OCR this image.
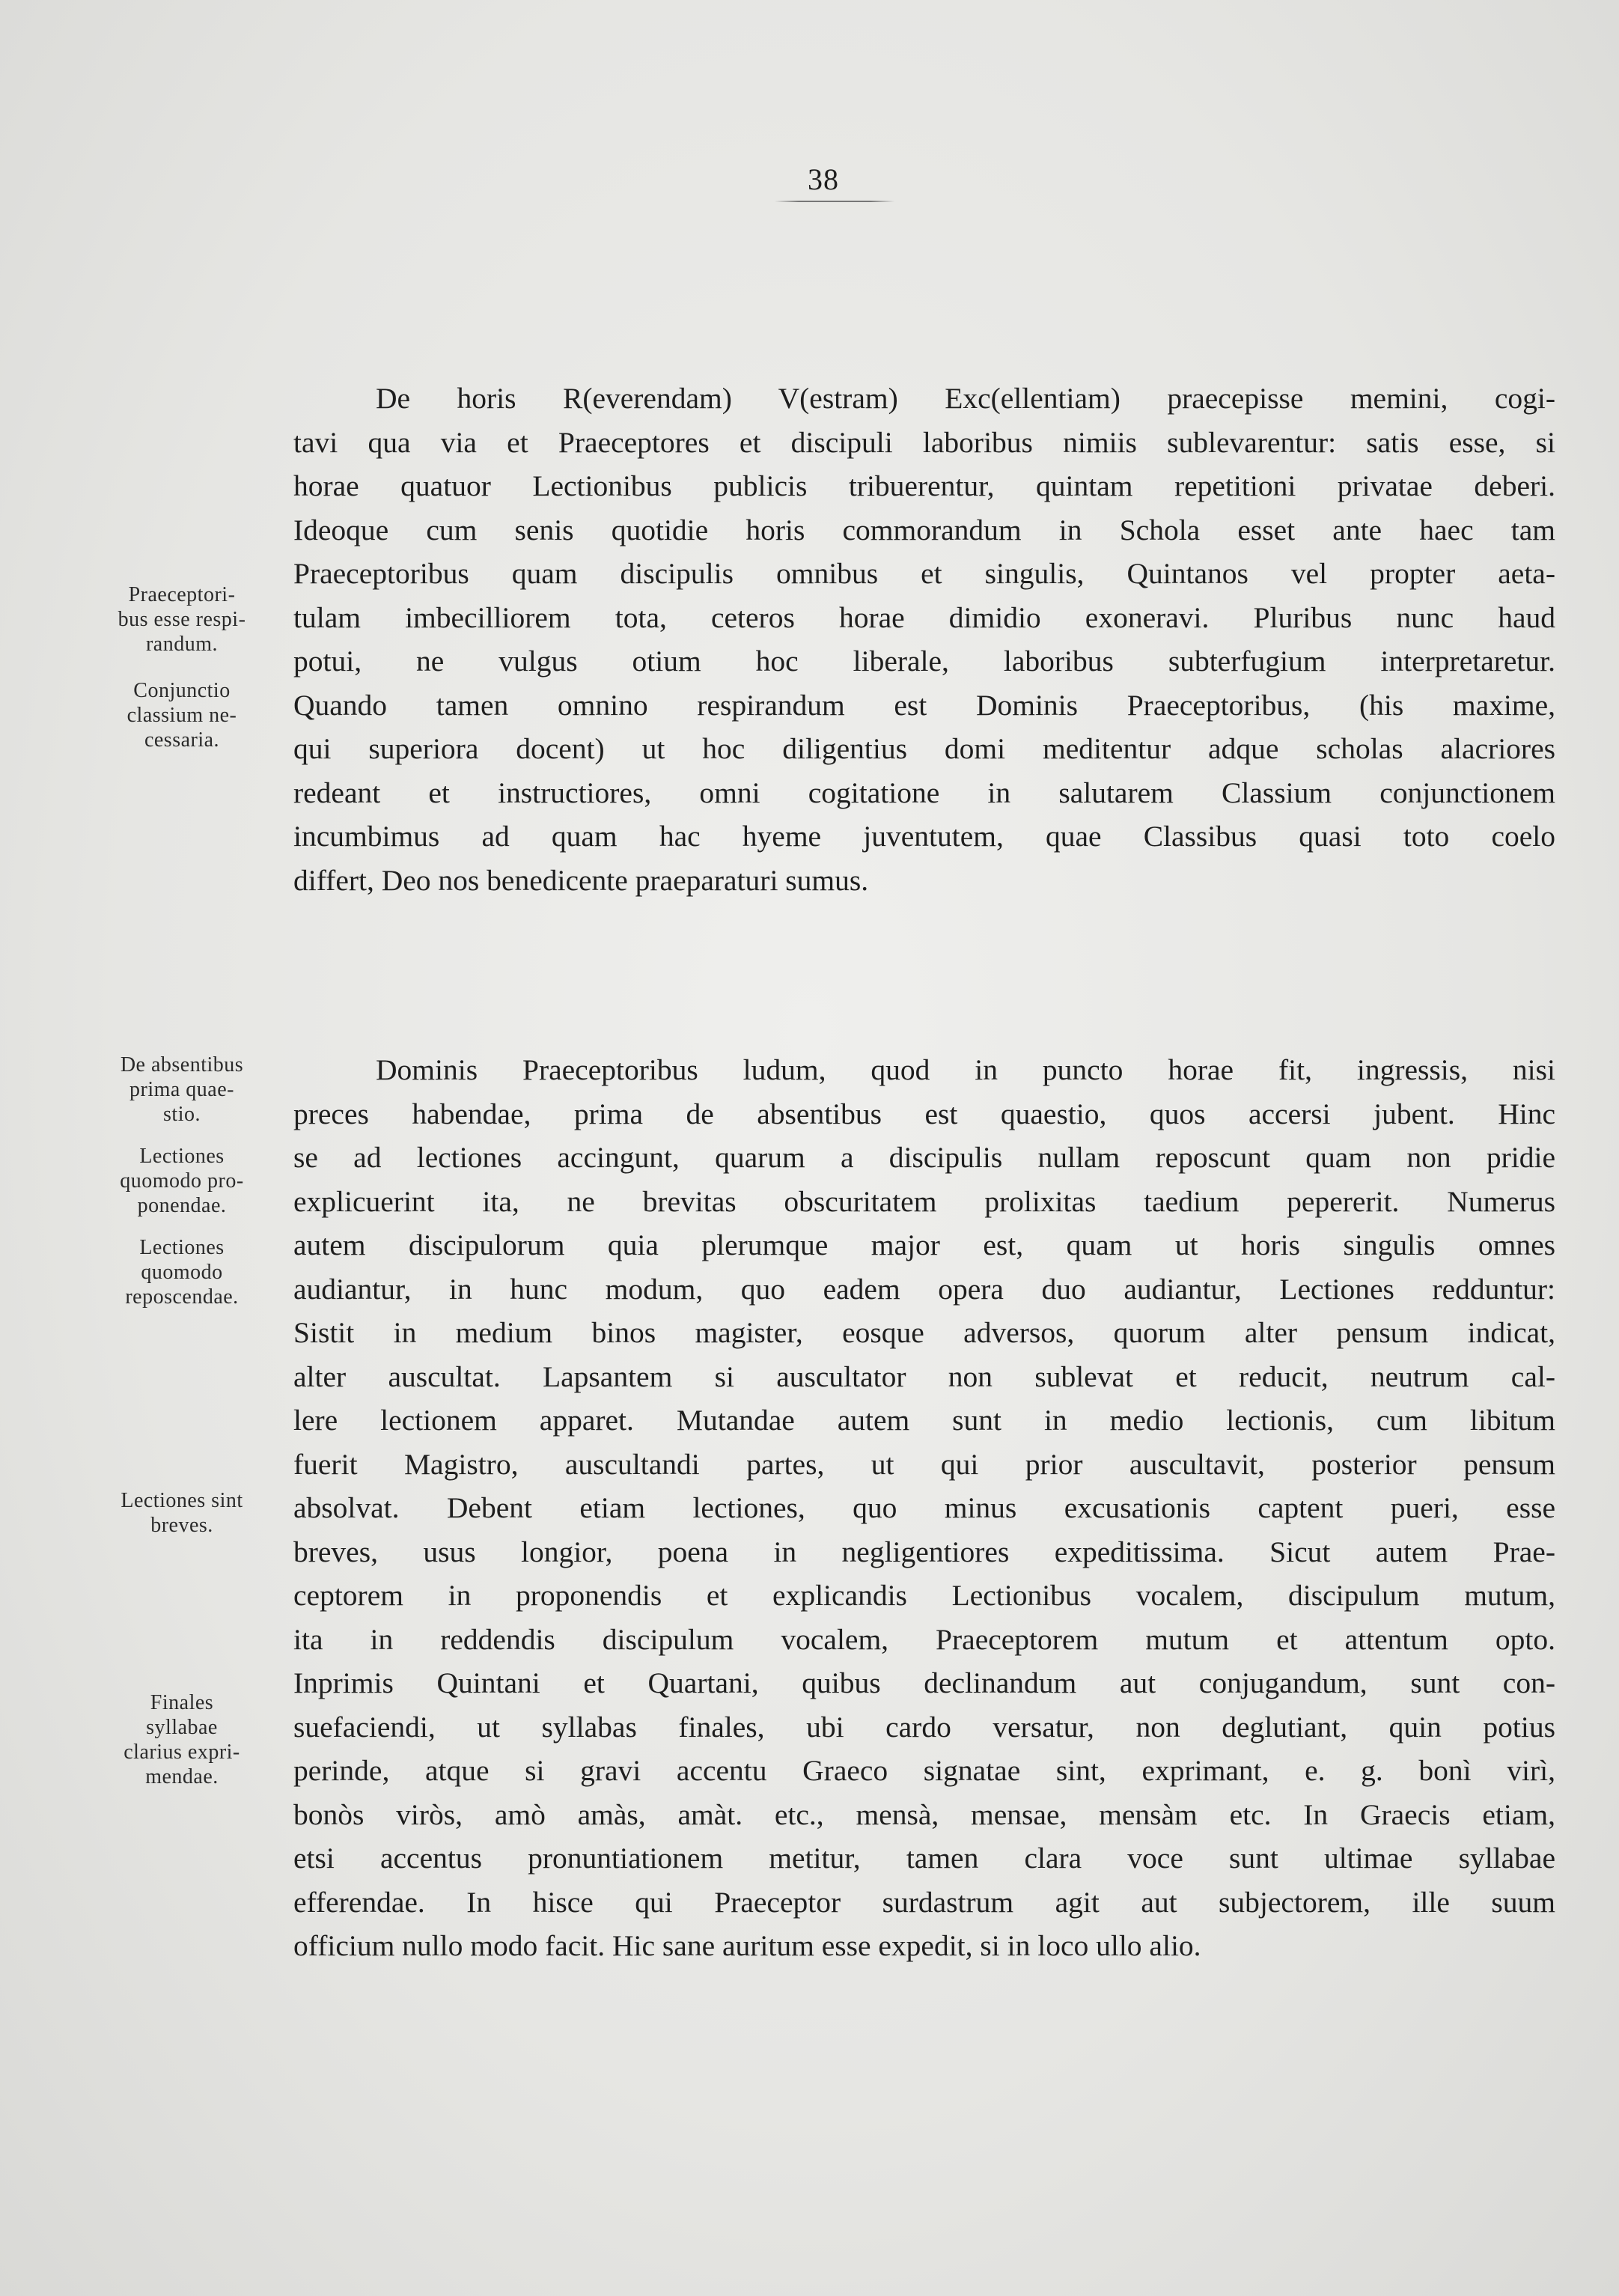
38
De horis R(everendam) V(estram) Exc(ellentiam) praecepisse memini, cogi-
tavi qua via et Praeceptores et discipuli laboribus nimiis sublevarentur: satis esse, si
horae quatuor Lectionibus publicis tribuerentur, quintam repetitioni privatae deberi.
Ideoque cum senis quotidie horis commorandum in Schola esset ante haec tam
Praeceptoribus quam discipulis omnibus et singulis, Quintanos vel propter aeta-
tulam imbecilliorem tota, ceteros horae dimidio exoneravi. Pluribus nunc haud
potui, ne vulgus otium hoc liberale, laboribus subterfugium interpretaretur.
Quando tamen omnino respirandum est Dominis Praeceptoribus, (his maxime,
qui superiora docent) ut hoc diligentius domi meditentur adque scholas alacriores
redeant et instructiores, omni cogitatione in salutarem Classium conjunctionem
incumbimus ad quam hac hyeme juventutem, quae Classibus quasi toto coelo
differt, Deo nos benedicente praeparaturi sumus.
Dominis Praeceptoribus ludum, quod in puncto horae fit, ingressis, nisi
preces habendae, prima de absentibus est quaestio, quos accersi jubent. Hinc
se ad lectiones accingunt, quarum a discipulis nullam reposcunt quam non pridie
explicuerint ita, ne brevitas obscuritatem prolixitas taedium pepererit. Numerus
autem discipulorum quia plerumque major est, quam ut horis singulis omnes
audiantur, in hunc modum, quo eadem opera duo audiantur, Lectiones redduntur:
Sistit in medium binos magister, eosque adversos, quorum alter pensum indicat,
alter auscultat. Lapsantem si auscultator non sublevat et reducit, neutrum cal-
lere lectionem apparet. Mutandae autem sunt in medio lectionis, cum libitum
fuerit Magistro, auscultandi partes, ut qui prior auscultavit, posterior pensum
absolvat. Debent etiam lectiones, quo minus excusationis captent pueri, esse
breves, usus longior, poena in negligentiores expeditissima. Sicut autem Prae-
ceptorem in proponendis et explicandis Lectionibus vocalem, discipulum mutum,
ita in reddendis discipulum vocalem, Praeceptorem mutum et attentum opto.
Inprimis Quintani et Quartani, quibus declinandum aut conjugandum, sunt con-
suefaciendi, ut syllabas finales, ubi cardo versatur, non deglutiant, quin potius
perinde, atque si gravi accentu Graeco signatae sint, exprimant, e. g. bonì virì,
bonòs viròs, amò amàs, amàt. etc., mensà, mensae, mensàm etc. In Graecis etiam,
etsi accentus pronuntiationem metitur, tamen clara voce sunt ultimae syllabae
efferendae. In hisce qui Praeceptor surdastrum agit aut subjectorem, ille suum
officium nullo modo facit. Hic sane auritum esse expedit, si in loco ullo alio.
Praeceptori-
bus esse respi-
randum.
Conjunctio
classium ne-
cessaria.
De absentibus
prima quae-
stio.
Lectiones
quomodo pro-
ponendae.
Lectiones
quomodo
reposcendae.
Lectiones sint
breves.
Finales
syllabae
clarius expri-
mendae.
